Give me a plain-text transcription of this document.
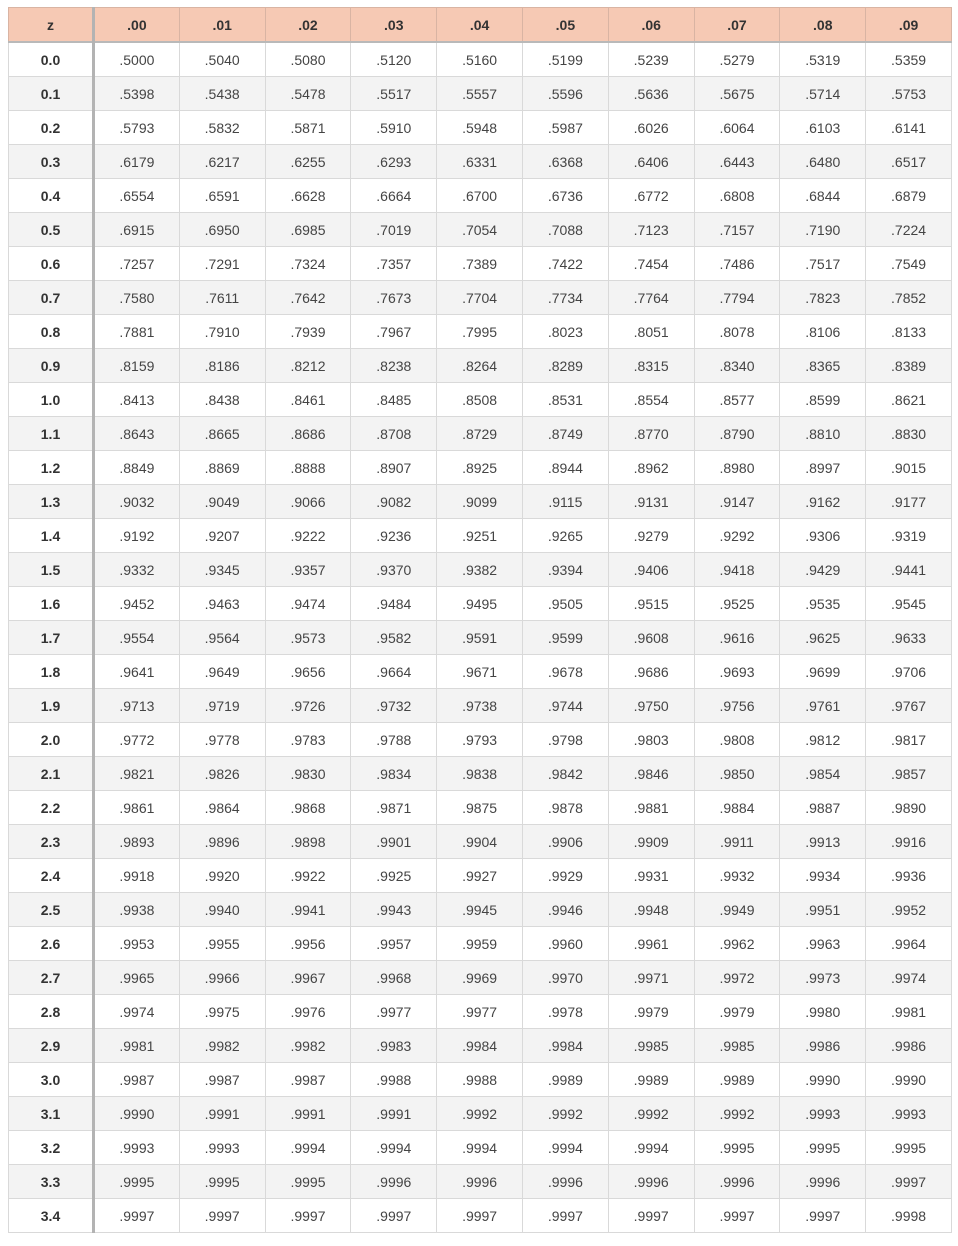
z	.00	.01	.02	.03	.04	.05	.06	.07	.08	.09
0.0	.5000	.5040	.5080	.5120	.5160	.5199	.5239	.5279	.5319	.5359
0.1	.5398	.5438	.5478	.5517	.5557	.5596	.5636	.5675	.5714	.5753
0.2	.5793	.5832	.5871	.5910	.5948	.5987	.6026	.6064	.6103	.6141
0.3	.6179	.6217	.6255	.6293	.6331	.6368	.6406	.6443	.6480	.6517
0.4	.6554	.6591	.6628	.6664	.6700	.6736	.6772	.6808	.6844	.6879
0.5	.6915	.6950	.6985	.7019	.7054	.7088	.7123	.7157	.7190	.7224
0.6	.7257	.7291	.7324	.7357	.7389	.7422	.7454	.7486	.7517	.7549
0.7	.7580	.7611	.7642	.7673	.7704	.7734	.7764	.7794	.7823	.7852
0.8	.7881	.7910	.7939	.7967	.7995	.8023	.8051	.8078	.8106	.8133
0.9	.8159	.8186	.8212	.8238	.8264	.8289	.8315	.8340	.8365	.8389
1.0	.8413	.8438	.8461	.8485	.8508	.8531	.8554	.8577	.8599	.8621
1.1	.8643	.8665	.8686	.8708	.8729	.8749	.8770	.8790	.8810	.8830
1.2	.8849	.8869	.8888	.8907	.8925	.8944	.8962	.8980	.8997	.9015
1.3	.9032	.9049	.9066	.9082	.9099	.9115	.9131	.9147	.9162	.9177
1.4	.9192	.9207	.9222	.9236	.9251	.9265	.9279	.9292	.9306	.9319
1.5	.9332	.9345	.9357	.9370	.9382	.9394	.9406	.9418	.9429	.9441
1.6	.9452	.9463	.9474	.9484	.9495	.9505	.9515	.9525	.9535	.9545
1.7	.9554	.9564	.9573	.9582	.9591	.9599	.9608	.9616	.9625	.9633
1.8	.9641	.9649	.9656	.9664	.9671	.9678	.9686	.9693	.9699	.9706
1.9	.9713	.9719	.9726	.9732	.9738	.9744	.9750	.9756	.9761	.9767
2.0	.9772	.9778	.9783	.9788	.9793	.9798	.9803	.9808	.9812	.9817
2.1	.9821	.9826	.9830	.9834	.9838	.9842	.9846	.9850	.9854	.9857
2.2	.9861	.9864	.9868	.9871	.9875	.9878	.9881	.9884	.9887	.9890
2.3	.9893	.9896	.9898	.9901	.9904	.9906	.9909	.9911	.9913	.9916
2.4	.9918	.9920	.9922	.9925	.9927	.9929	.9931	.9932	.9934	.9936
2.5	.9938	.9940	.9941	.9943	.9945	.9946	.9948	.9949	.9951	.9952
2.6	.9953	.9955	.9956	.9957	.9959	.9960	.9961	.9962	.9963	.9964
2.7	.9965	.9966	.9967	.9968	.9969	.9970	.9971	.9972	.9973	.9974
2.8	.9974	.9975	.9976	.9977	.9977	.9978	.9979	.9979	.9980	.9981
2.9	.9981	.9982	.9982	.9983	.9984	.9984	.9985	.9985	.9986	.9986
3.0	.9987	.9987	.9987	.9988	.9988	.9989	.9989	.9989	.9990	.9990
3.1	.9990	.9991	.9991	.9991	.9992	.9992	.9992	.9992	.9993	.9993
3.2	.9993	.9993	.9994	.9994	.9994	.9994	.9994	.9995	.9995	.9995
3.3	.9995	.9995	.9995	.9996	.9996	.9996	.9996	.9996	.9996	.9997
3.4	.9997	.9997	.9997	.9997	.9997	.9997	.9997	.9997	.9997	.9998
